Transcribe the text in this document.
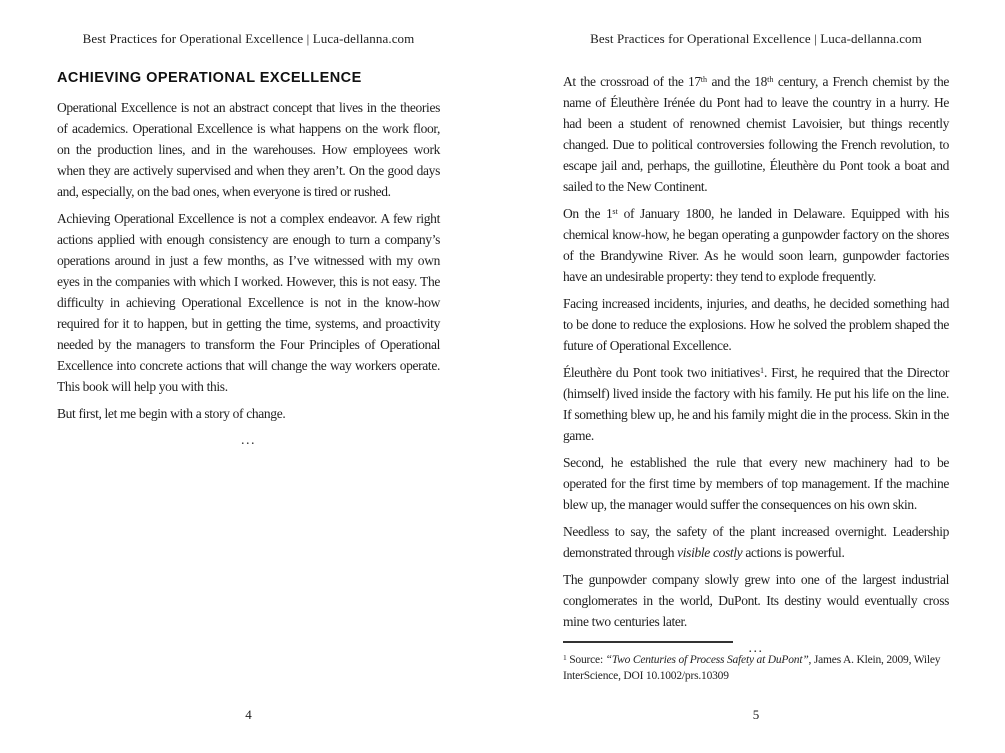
Best Practices for Operational Excellence | Luca-dellanna.com
ACHIEVING OPERATIONAL EXCELLENCE

Operational Excellence is not an abstract concept that lives in the theories of academics. Operational Excellence is what happens on the work floor, on the production lines, and in the warehouses. How employees work when they are actively supervised and when they aren’t. On the good days and, especially, on the bad ones, when everyone is tired or rushed.

Achieving Operational Excellence is not a complex endeavor. A few right actions applied with enough consistency are enough to turn a company’s operations around in just a few months, as I’ve witnessed with my own eyes in the companies with which I worked. However, this is not easy. The difficulty in achieving Operational Excellence is not in the know-how required for it to happen, but in getting the time, systems, and proactivity needed by the managers to transform the Four Principles of Operational Excellence into concrete actions that will change the way workers operate. This book will help you with this.

But first, let me begin with a story of change.

...
4
Best Practices for Operational Excellence | Luca-dellanna.com

At the crossroad of the 17th and the 18th century, a French chemist by the name of Éleuthère Irénée du Pont had to leave the country in a hurry. He had been a student of renowned chemist Lavoisier, but things recently changed. Due to political controversies following the French revolution, to escape jail and, perhaps, the guillotine, Éleuthère du Pont took a boat and sailed to the New Continent.

On the 1st of January 1800, he landed in Delaware. Equipped with his chemical know-how, he began operating a gunpowder factory on the shores of the Brandywine River. As he would soon learn, gunpowder factories have an undesirable property: they tend to explode frequently.

Facing increased incidents, injuries, and deaths, he decided something had to be done to reduce the explosions. How he solved the problem shaped the future of Operational Excellence.

Éleuthère du Pont took two initiatives$^1$. First, he required that the Director (himself) lived inside the factory with his family. He put his life on the line. If something blew up, he and his family might die in the process. Skin in the game.

Second, he established the rule that every new machinery had to be operated for the first time by members of top management. If the machine blew up, the manager would suffer the consequences on his own skin.

Needless to say, the safety of the plant increased overnight. Leadership demonstrated through visible costly actions is powerful.

The gunpowder company slowly grew into one of the largest industrial conglomerates in the world, DuPont. Its destiny would eventually cross mine two centuries later.

...
$^1$ Source: “Two Centuries of Process Safety at DuPont”, James A. Klein, 2009, Wiley InterScience, DOI 10.1002/prs.10309
5
